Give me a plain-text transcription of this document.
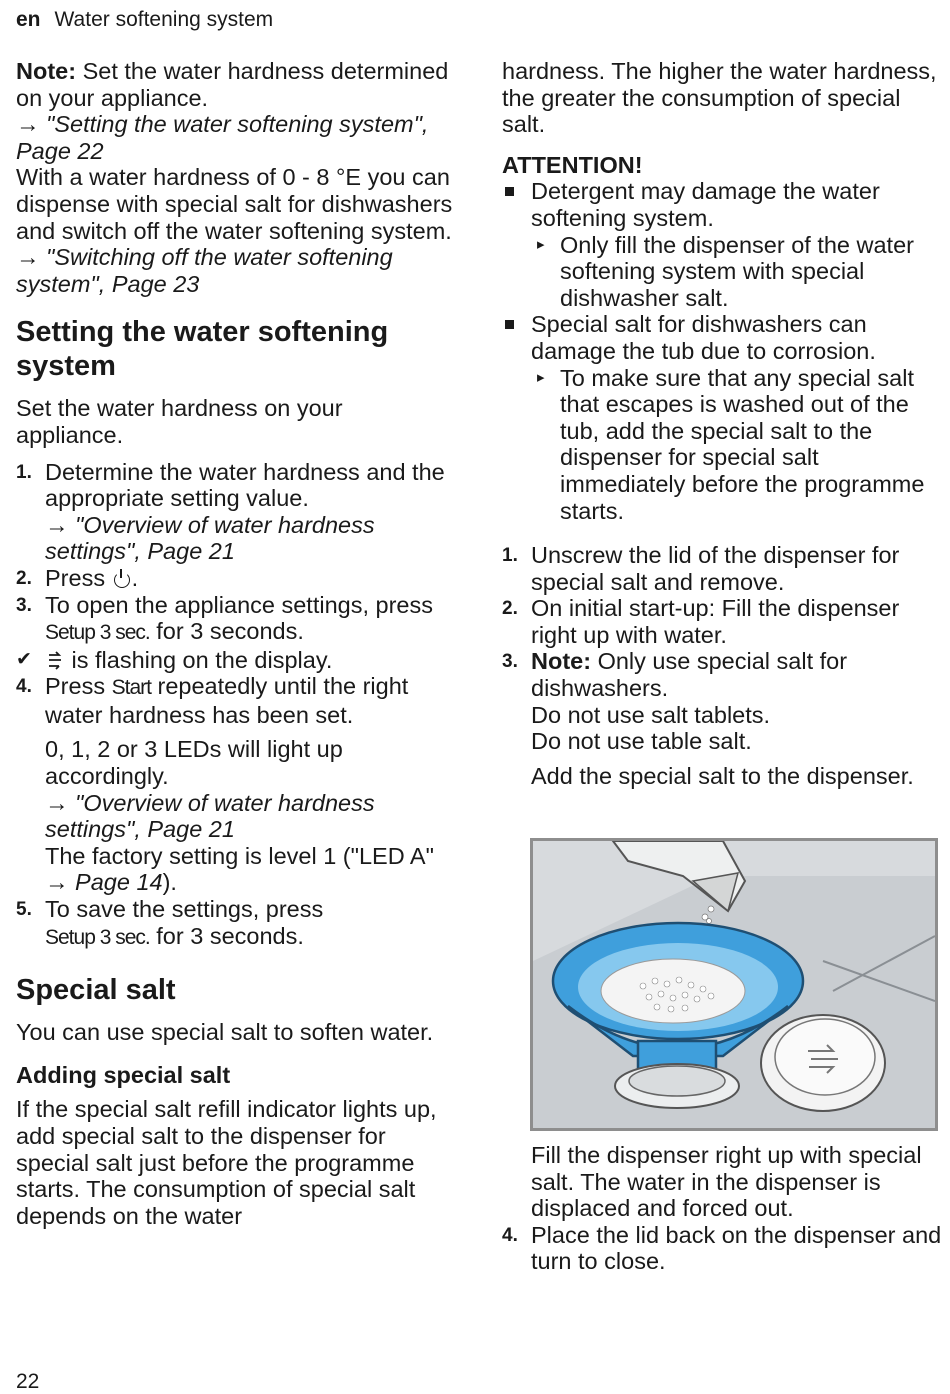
en Water softening system

Note: Set the water hardness determined on your appliance.

→ "Setting the water softening system", Page 22

With a water hardness of 0 - 8 °E you can dispense with special salt for dishwashers and switch off the water softening system.

→ "Switching off the water softening system", Page 23

Setting the water softening system

Set the water hardness on your appliance.

1. Determine the water hardness and the appropriate setting value.
→ "Overview of water hardness settings", Page 21
2. Press .
3. To open the appliance settings, press Setup 3 sec. for 3 seconds.
✔ is flashing on the display.
4. Press Start repeatedly until the right water hardness has been set.
0, 1, 2 or 3 LEDs will light up accordingly.
→ "Overview of water hardness settings", Page 21
The factory setting is level 1 ("LED A" → Page 14).
5. To save the settings, press
Setup 3 sec. for 3 seconds.
Special salt

You can use special salt to soften water.

Adding special salt

If the special salt refill indicator lights up, add special salt to the dispenser for special salt just before the programme starts. The consumption of special salt depends on the water

hardness. The higher the water hardness, the greater the consumption of special salt.

ATTENTION!
Detergent may damage the water softening system.
▸ Only fill the dispenser of the water softening system with special dishwasher salt.
Special salt for dishwashers can damage the tub due to corrosion.
▸ To make sure that any special salt that escapes is washed out of the tub, add the special salt to the dispenser for special salt immediately before the programme starts.
1. Unscrew the lid of the dispenser for special salt and remove.
2. On initial start-up: Fill the dispenser right up with water.
3. Note: Only use special salt for dishwashers.
Do not use salt tablets.
Do not use table salt.
Add the special salt to the dispenser.
Fill the dispenser right up with special salt. The water in the dispenser is displaced and forced out.
4. Place the lid back on the dispenser and turn to close.
22
